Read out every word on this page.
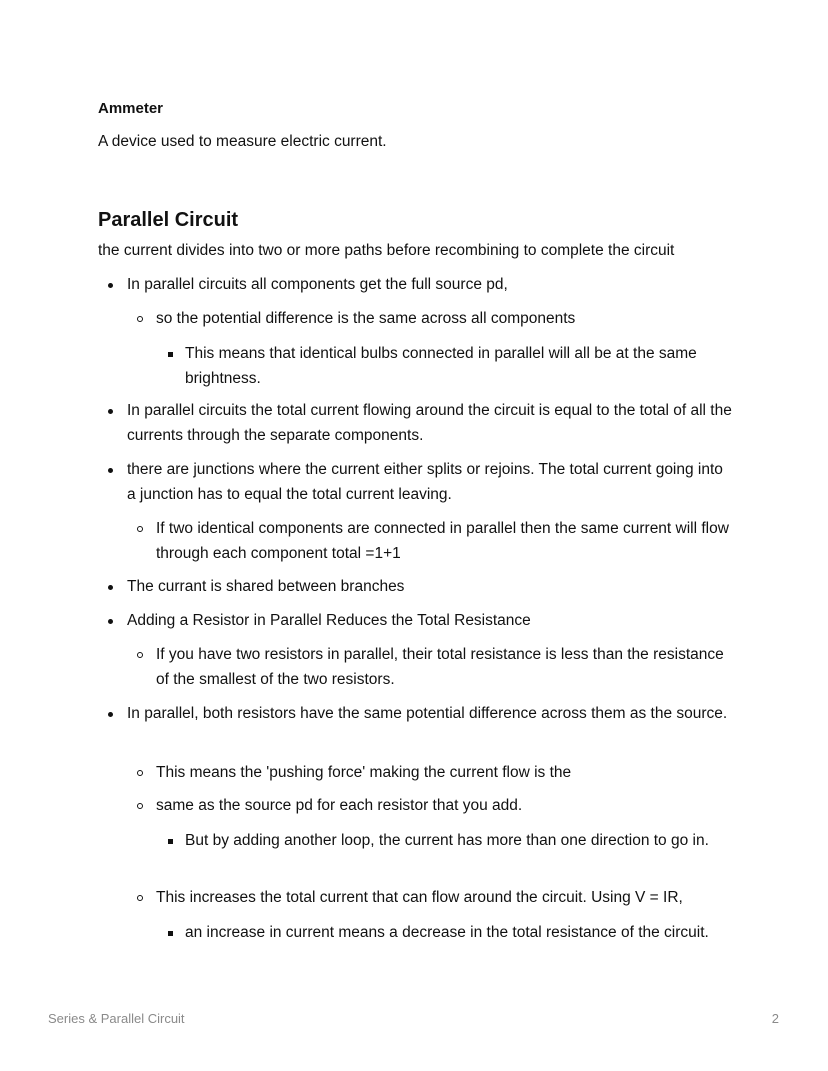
Ammeter
A device used to measure electric current.
Parallel Circuit
the current divides into two or more paths before recombining to complete the circuit
In parallel circuits all components get the full source pd,
so the potential difference is the same across all components
This means that identical bulbs connected in parallel will all be at the same brightness.
In parallel circuits the total current flowing around the circuit is equal to the total of all the currents through the separate components.
there are junctions where the current either splits or rejoins. The total current going into a junction has to equal the total current leaving.
If two identical components are connected in parallel then the same current will flow through each component total =1+1
The currant is shared between branches
Adding a Resistor in Parallel Reduces the Total Resistance
If you have two resistors in parallel, their total resistance is less than the resistance of the smallest of the two resistors.
In parallel, both resistors have the same potential difference across them as the source.
This means the 'pushing force' making the current flow is the
same as the source pd for each resistor that you add.
But by adding another loop, the current has more than one direction to go in.
This increases the total current that can flow around the circuit. Using V = IR,
an increase in current means a decrease in the total resistance of the circuit.
Series & Parallel Circuit	2
